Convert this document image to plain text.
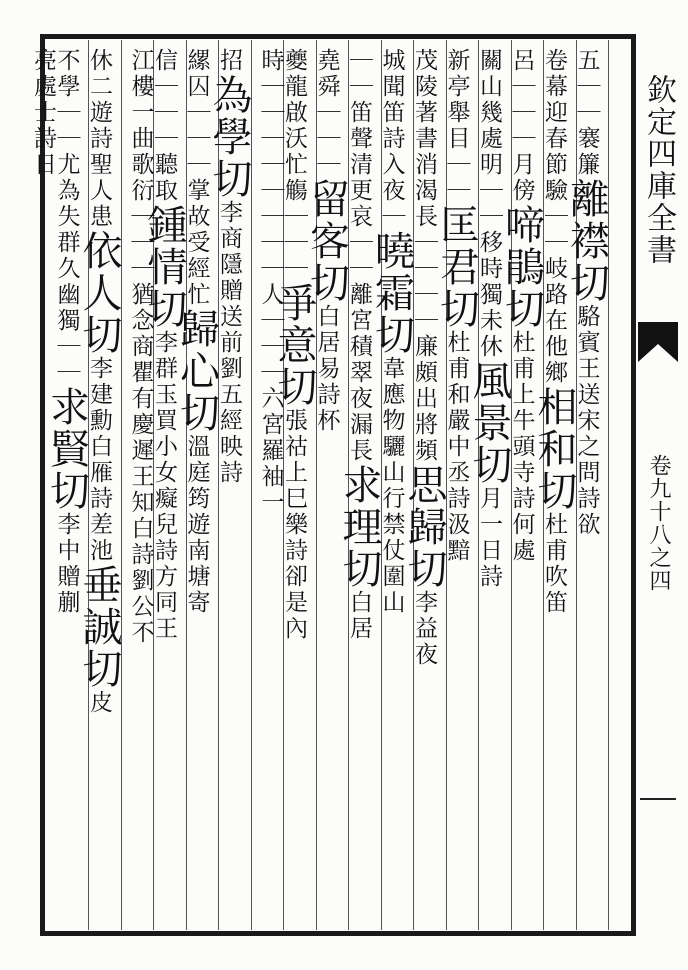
欽定四庫全書
卷九十八之四
五｜｜褰簾離襟切駱賓王送宋之問詩欲
卷幕迎春節驗｜｜岐路在他鄉相和切杜甫吹笛
呂｜｜｜月傍啼鵑切杜甫上牛頭寺詩何處
關山幾處明｜｜移時獨未休風景切月一日詩
新亭舉目｜｜匡君切杜甫和嚴中丞詩汲黯
茂陵著書消渴長｜｜｜｜廉頗出將頻思歸切李益夜
城聞笛詩入夜｜曉霜切韋應物驪山行禁仗圍山
｜｜笛聲清更哀｜｜離宮積翠夜漏長求理切白居
堯舜｜｜｜留客切白居易詩杯
夔龍啟沃忙觴｜｜｜爭意切張祜上巳樂詩卻是內
時｜｜｜｜｜｜｜｜人｜｜｜六宮羅袖一
招為學切李商隱贈送前劉五經映詩
縲囚｜｜｜掌故受經忙歸心切溫庭筠遊南塘寄
信｜｜｜聽取鍾情切李群玉買小女癡兒詩方同王
江樓一曲歌衍｜｜｜猶念商瞿有慶遲王知白詩劉公不
休二遊詩聖人患依人切李建勳白雁詩差池垂誠切皮
不學｜｜尤為失群久幽獨｜｜求賢切李中贈蒯
亮處士詩日
